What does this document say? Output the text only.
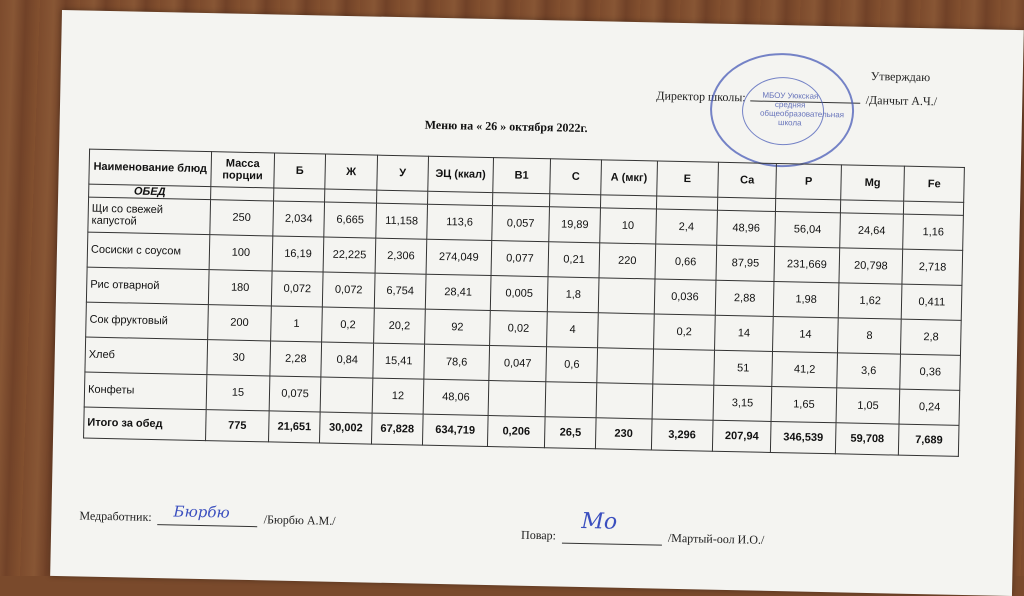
Утверждаю
Директор школы:	/Данчыт А.Ч./
МБОУ Уюкская средняя общеобразовательная школа
Меню на « 26 » октября 2022г.
Наименование блюд	Масса порции	Б	Ж	У	ЭЦ (ккал)	В1	С	А (мкг)	Е	Са	Р	Mg	Fe
ОБЕД													
Щи со свежей капустой	250	2,034	6,665	11,158	113,6	0,057	19,89	10	2,4	48,96	56,04	24,64	1,16
Сосиски с соусом	100	16,19	22,225	2,306	274,049	0,077	0,21	220	0,66	87,95	231,669	20,798	2,718
Рис отварной	180	0,072	0,072	6,754	28,41	0,005	1,8		0,036	2,88	1,98	1,62	0,411
Сок фруктовый	200	1	0,2	20,2	92	0,02	4		0,2	14	14	8	2,8
Хлеб	30	2,28	0,84	15,41	78,6	0,047	0,6			51	41,2	3,6	0,36
Конфеты	15	0,075		12	48,06					3,15	1,65	1,05	0,24
Итого за обед	775	21,651	30,002	67,828	634,719	0,206	26,5	230	3,296	207,94	346,539	59,708	7,689
Медработник:	/Бюрбю А.М./
Бюрбю
Повар:	/Мартый-оол И.О./
Мо
